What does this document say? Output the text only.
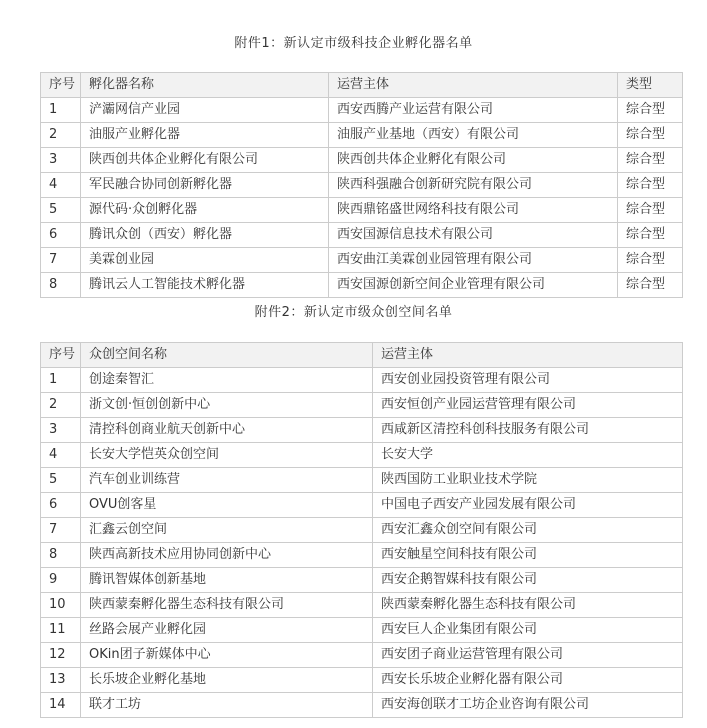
附件1：新认定市级科技企业孵化器名单
序号	孵化器名称	运营主体	类型
1	浐灞网信产业园	西安西腾产业运营有限公司	综合型
2	油服产业孵化器	油服产业基地（西安）有限公司	综合型
3	陕西创共体企业孵化有限公司	陕西创共体企业孵化有限公司	综合型
4	军民融合协同创新孵化器	陕西科强融合创新研究院有限公司	综合型
5	源代码·众创孵化器	陕西鼎铭盛世网络科技有限公司	综合型
6	腾讯众创（西安）孵化器	西安国源信息技术有限公司	综合型
7	美霖创业园	西安曲江美霖创业园管理有限公司	综合型
8	腾讯云人工智能技术孵化器	西安国源创新空间企业管理有限公司	综合型
附件2：新认定市级众创空间名单
序号	众创空间名称	运营主体
1	创途秦智汇	西安创业园投资管理有限公司
2	浙文创·恒创创新中心	西安恒创产业园运营管理有限公司
3	清控科创商业航天创新中心	西咸新区清控科创科技服务有限公司
4	长安大学恺英众创空间	长安大学
5	汽车创业训练营	陕西国防工业职业技术学院
6	OVU创客星	中国电子西安产业园发展有限公司
7	汇鑫云创空间	西安汇鑫众创空间有限公司
8	陕西高新技术应用协同创新中心	西安触星空间科技有限公司
9	腾讯智媒体创新基地	西安企鹅智媒科技有限公司
10	陕西蒙秦孵化器生态科技有限公司	陕西蒙秦孵化器生态科技有限公司
11	丝路会展产业孵化园	西安巨人企业集团有限公司
12	OKin团子新媒体中心	西安团子商业运营管理有限公司
13	长乐坡企业孵化基地	西安长乐坡企业孵化器有限公司
14	联才工坊	西安海创联才工坊企业咨询有限公司
